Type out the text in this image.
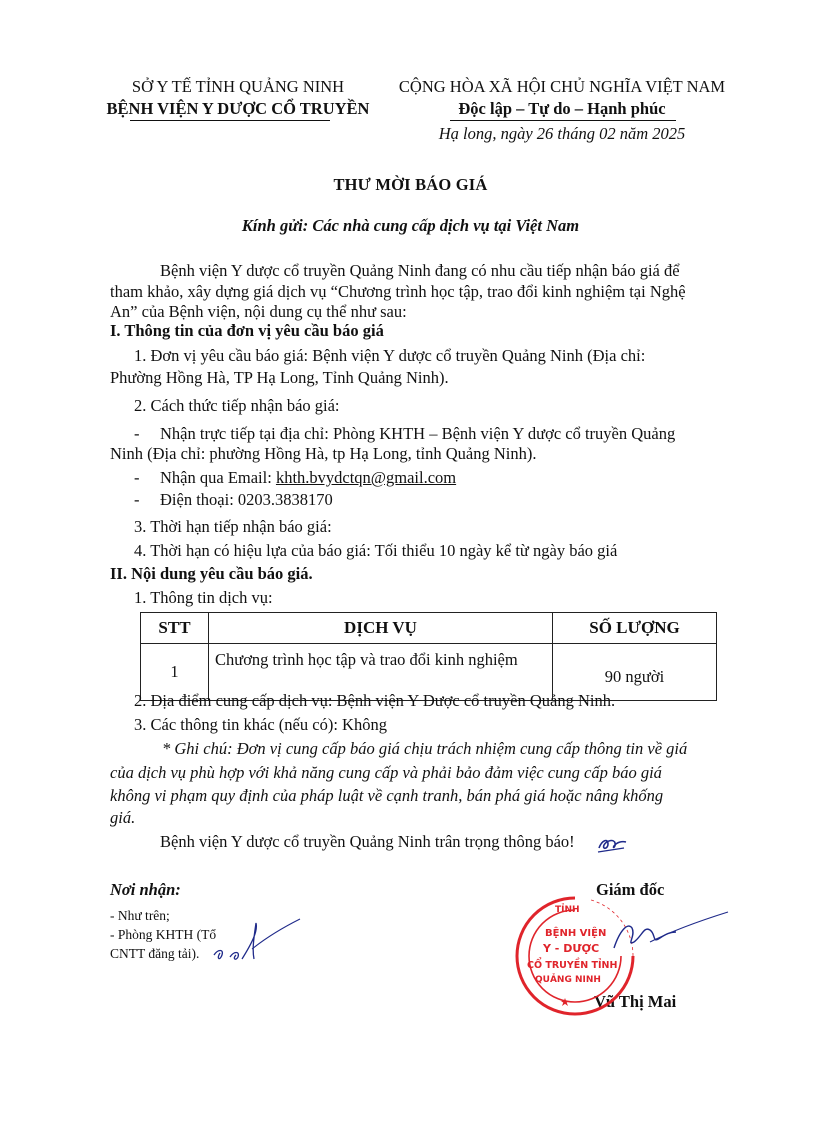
SỞ Y TẾ TỈNH QUẢNG NINH
BỆNH VIỆN Y DƯỢC CỔ TRUYỀN
CỘNG HÒA XÃ HỘI CHỦ NGHĨA VIỆT NAM
Độc lập – Tự do – Hạnh phúc
Hạ long, ngày 26 tháng 02 năm 2025
THƯ MỜI BÁO GIÁ
Kính gửi: Các nhà cung cấp dịch vụ tại Việt Nam
Bệnh viện Y dược cổ truyền Quảng Ninh đang có nhu cầu tiếp nhận báo giá để
tham khảo, xây dựng giá dịch vụ “Chương trình học tập, trao đổi kinh nghiệm tại Nghệ
An” của Bệnh viện, nội dung cụ thể như sau:
I. Thông tin của đơn vị yêu cầu báo giá
1. Đơn vị yêu cầu báo giá: Bệnh viện Y dược cổ truyền Quảng Ninh (Địa chỉ:
Phường Hồng Hà, TP Hạ Long, Tỉnh Quảng Ninh).
2. Cách thức tiếp nhận báo giá:
- Nhận trực tiếp tại địa chỉ: Phòng KHTH – Bệnh viện Y dược cổ truyền Quảng
Ninh (Địa chỉ: phường Hồng Hà, tp Hạ Long, tỉnh Quảng Ninh).
- Nhận qua Email: khth.bvydctqn@gmail.com
- Điện thoại: 0203.3838170
3. Thời hạn tiếp nhận báo giá:
4. Thời hạn có hiệu lựa của báo giá: Tối thiểu 10 ngày kể từ ngày báo giá
II. Nội dung yêu cầu báo giá.
1. Thông tin dịch vụ:
STT	DỊCH VỤ	SỐ LƯỢNG
1	Chương trình học tập và trao đổi kinh nghiệm	90 người
2. Địa điểm cung cấp dịch vụ: Bệnh viện Y Dược cổ truyền Quảng Ninh.
3. Các thông tin khác (nếu có): Không
* Ghi chú: Đơn vị cung cấp báo giá chịu trách nhiệm cung cấp thông tin về giá
của dịch vụ phù hợp với khả năng cung cấp và phải bảo đảm việc cung cấp báo giá
không vi phạm quy định của pháp luật về cạnh tranh, bán phá giá hoặc nâng khống
giá.
Bệnh viện Y dược cổ truyền Quảng Ninh trân trọng thông báo!
Nơi nhận:
- Như trên;
- Phòng KHTH (Tổ
CNTT đăng tải).
Giám đốc
Vũ Thị Mai
TỈNH
BỆNH VIỆN
Y - DƯỢC
CỔ TRUYỀN TỈNH
QUẢNG NINH
